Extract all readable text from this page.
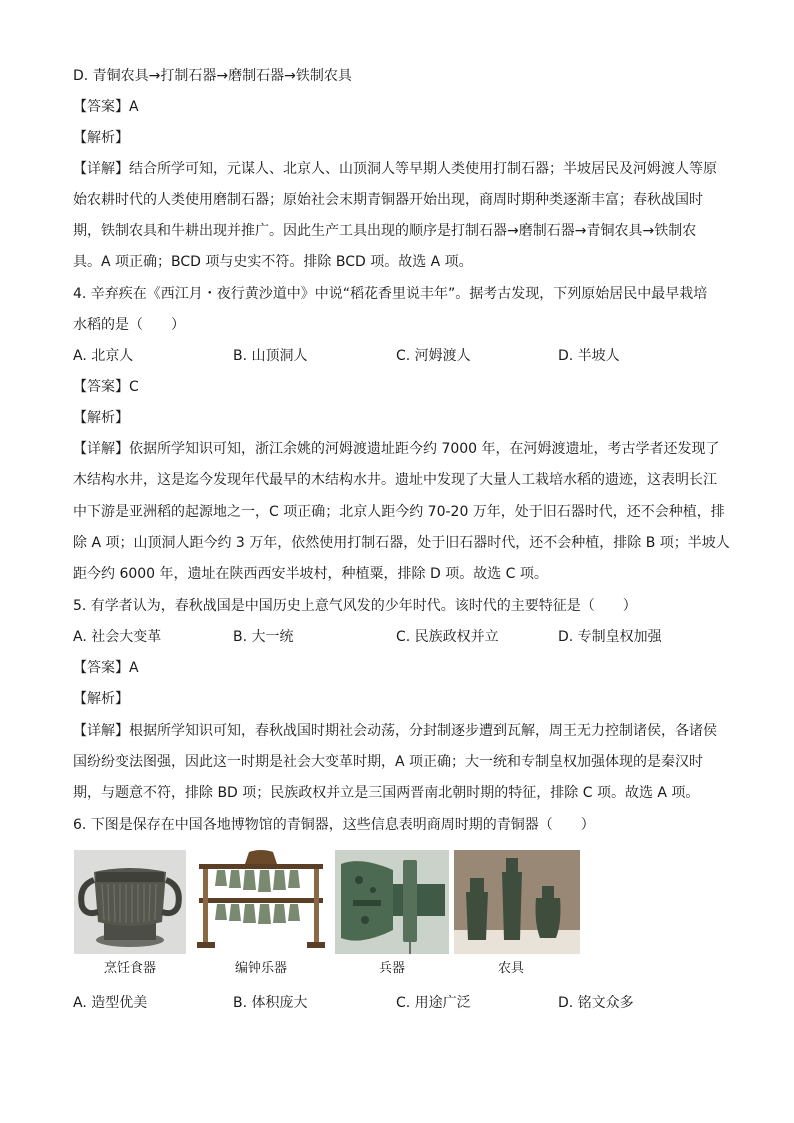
D. 青铜农具→打制石器→磨制石器→铁制农具
【答案】A
【解析】
【详解】结合所学可知，元谋人、北京人、山顶洞人等早期人类使用打制石器；半坡居民及河姆渡人等原
始农耕时代的人类使用磨制石器；原始社会末期青铜器开始出现，商周时期种类逐渐丰富；春秋战国时
期，铁制农具和牛耕出现并推广。因此生产工具出现的顺序是打制石器→磨制石器→青铜农具→铁制农
具。A 项正确；BCD 项与史实不符。排除 BCD 项。故选 A 项。
4. 辛弃疾在《西江月・夜行黄沙道中》中说“稻花香里说丰年”。据考古发现，下列原始居民中最早栽培
水稻的是（　　）
A. 北京人	B. 山顶洞人	C. 河姆渡人	D. 半坡人
【答案】C
【解析】
【详解】依据所学知识可知，浙江余姚的河姆渡遗址距今约 7000 年，在河姆渡遗址，考古学者还发现了
木结构水井，这是迄今发现年代最早的木结构水井。遗址中发现了大量人工栽培水稻的遗迹，这表明长江
中下游是亚洲稻的起源地之一，C 项正确；北京人距今约 70-20 万年，处于旧石器时代，还不会种植，排
除 A 项；山顶洞人距今约 3 万年，依然使用打制石器，处于旧石器时代，还不会种植，排除 B 项；半坡人
距今约 6000 年，遗址在陕西西安半坡村，种植粟，排除 D 项。故选 C 项。
5. 有学者认为，春秋战国是中国历史上意气风发的少年时代。该时代的主要特征是（　　）
A. 社会大变革	B. 大一统	C. 民族政权并立	D. 专制皇权加强
【答案】A
【解析】
【详解】根据所学知识可知，春秋战国时期社会动荡，分封制逐步遭到瓦解，周王无力控制诸侯，各诸侯
国纷纷变法图强，因此这一时期是社会大变革时期，A 项正确；大一统和专制皇权加强体现的是秦汉时
期，与题意不符，排除 BD 项；民族政权并立是三国两晋南北朝时期的特征，排除 C 项。故选 A 项。
6. 下图是保存在中国各地博物馆的青铜器，这些信息表明商周时期的青铜器（　　）
烹饪食器	编钟乐器	兵器	农具
A. 造型优美	B. 体积庞大	C. 用途广泛	D. 铭文众多
